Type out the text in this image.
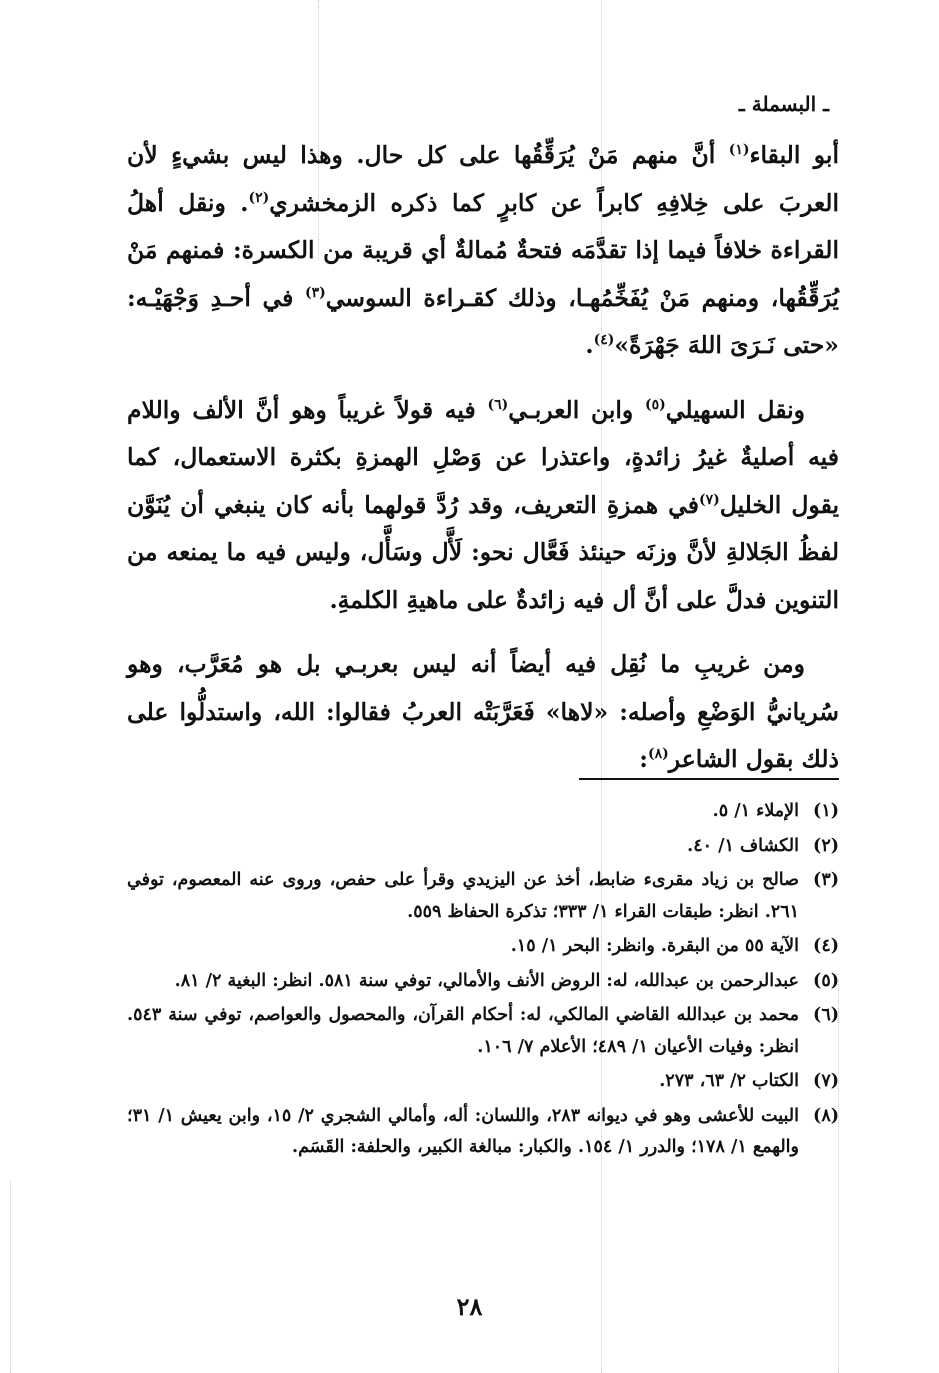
ـ البسملة ـ

أبو البقاء$^{(١)}$ أنَّ منهم مَنْ يُرَقِّقُها على كل حال. وهذا ليس بشيءٍ لأن العربَ على خِلافِهِ كابراً عن كابرٍ كما ذكره الزمخشري$^{(٢)}$. ونقل أهلُ القراءة خلافاً فيما إذا تقدَّمَه فتحةٌ مُمالةٌ أي قريبة من الكسرة: فمنهم مَنْ يُرَقِّقُها، ومنهم مَنْ يُفَخِّمُهـا، وذلك كقـراءة السوسي$^{(٣)}$ في أحـدِ وَجْهَيْـه: «حتى نَـرَىَ اللهَ جَهْرَةً»$^{(٤)}$.

ونقل السهيلي$^{(٥)}$ وابن العربـي$^{(٦)}$ فيه قولاً غريباً وهو أنَّ الألف واللام فيه أصليةٌ غيرُ زائدةٍ، واعتذرا عن وَصْلِ الهمزةِ بكثرة الاستعمال، كما يقول الخليل$^{(٧)}$في همزةِ التعريف، وقد رُدَّ قولهما بأنه كان ينبغي أن يُنَوَّن لفظُ الجَلالةِ لأنَّ وزنَه حينئذ فَعَّال نحو: لَأَّل وسَأَّل، وليس فيه ما يمنعه من التنوين فدلَّ على أنَّ أل فيه زائدةٌ على ماهيةِ الكلمةِ.

ومن غريبِ ما نُقِل فيه أيضاً أنه ليس بعربـي بل هو مُعَرَّب، وهو سُريانيُّ الوَضْعِ وأصله: «لاها» فَعَرَّبَتْه العربُ فقالوا: الله، واستدلُّوا على ذلك بقول الشاعر$^{(٨)}$:

(١)
الإملاء ١/ ٥.
(٢)
الكشاف ١/ ٤٠.
(٣)
صالح بن زياد مقرىء ضابط، أخذ عن اليزيدي وقرأ على حفص، وروى عنه المعصوم، توفي ٢٦١. انظر: طبقات القراء ١/ ٣٣٣؛ تذكرة الحفاظ ٥٥٩.
(٤)
الآية ٥٥ من البقرة. وانظر: البحر ١/ ١٥.
(٥)
عبدالرحمن بن عبدالله، له: الروض الأنف والأمالي، توفي سنة ٥٨١. انظر: البغية ٢/ ٨١.
(٦)
محمد بن عبدالله القاضي المالكي، له: أحكام القرآن، والمحصول والعواصم، توفي سنة ٥٤٣. انظر: وفيات الأعيان ١/ ٤٨٩؛ الأعلام ٧/ ١٠٦.
(٧)
الكتاب ٢/ ٦٣، ٢٧٣.
(٨)
البيت للأعشى وهو في ديوانه ٢٨٣، واللسان: أله، وأمالي الشجري ٢/ ١٥، وابن يعيش ١/ ٣١؛ والهمع ١/ ١٧٨؛ والدرر ١/ ١٥٤. والكبار: مبالغة الكبير، والحلفة: القَسَم.
٢٨
